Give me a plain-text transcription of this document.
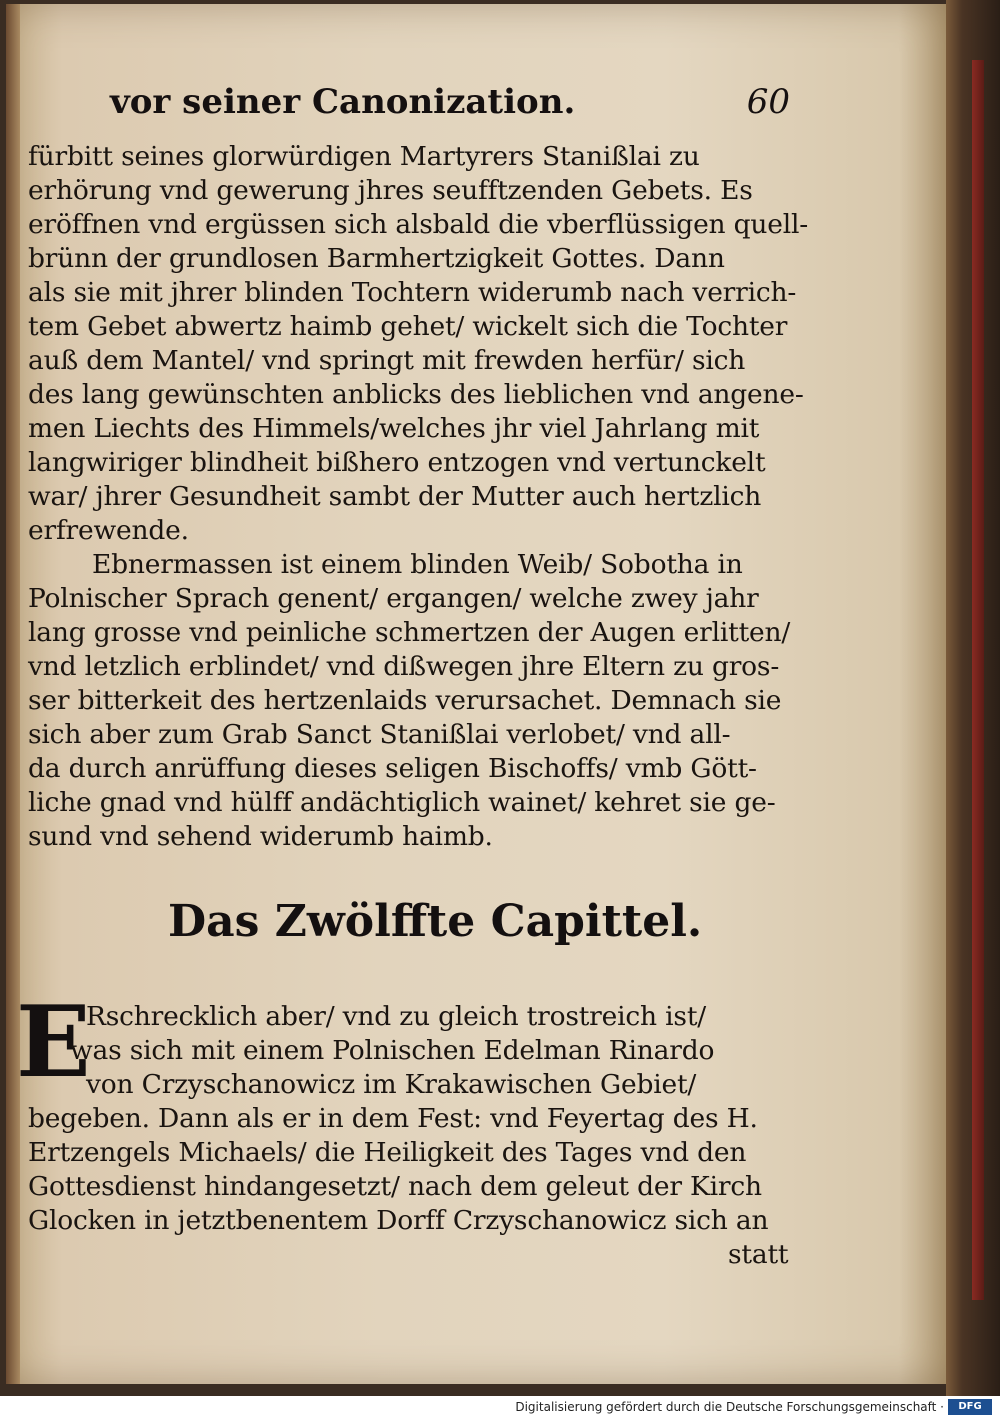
vor seiner Canonization.	60
fürbitt seines glorwürdigen Martyrers Stanißlai zu
erhörung vnd gewerung jhres seufftzenden Gebets. Es
eröffnen vnd ergüssen sich alsbald die vberflüssigen quell-
brünn der grundlosen Barmhertzigkeit Gottes. Dann
als sie mit jhrer blinden Tochtern widerumb nach verrich-
tem Gebet abwertz haimb gehet/ wickelt sich die Tochter
auß dem Mantel/ vnd springt mit frewden herfür/ sich
des lang gewünschten anblicks des lieblichen vnd angene-
men Liechts des Himmels/welches jhr viel Jahrlang mit
langwiriger blindheit bißhero entzogen vnd vertunckelt
war/ jhrer Gesundheit sambt der Mutter auch hertzlich
erfrewende.
Ebnermassen ist einem blinden Weib/ Sobotha in
Polnischer Sprach genent/ ergangen/ welche zwey jahr
lang grosse vnd peinliche schmertzen der Augen erlitten/
vnd letzlich erblindet/ vnd dißwegen jhre Eltern zu gros-
ser bitterkeit des hertzenlaids verursachet. Demnach sie
sich aber zum Grab Sanct Stanißlai verlobet/ vnd all-
da durch anrüffung dieses seligen Bischoffs/ vmb Gött-
liche gnad vnd hülff andächtiglich wainet/ kehret sie ge-
sund vnd sehend widerumb haimb.
Das Zwölffte Capittel.
E
Rschrecklich aber/ vnd zu gleich trostreich ist/
was sich mit einem Polnischen Edelman Rinardo
von Crzyschanowicz im Krakawischen Gebiet/
begeben. Dann als er in dem Fest: vnd Feyertag des H.
Ertzengels Michaels/ die Heiligkeit des Tages vnd den
Gottesdienst hindangesetzt/ nach dem geleut der Kirch
Glocken in jetztbenentem Dorff Crzyschanowicz sich an
statt
Digitalisierung gefördert durch die Deutsche Forschungsgemeinschaft ·	DFG
